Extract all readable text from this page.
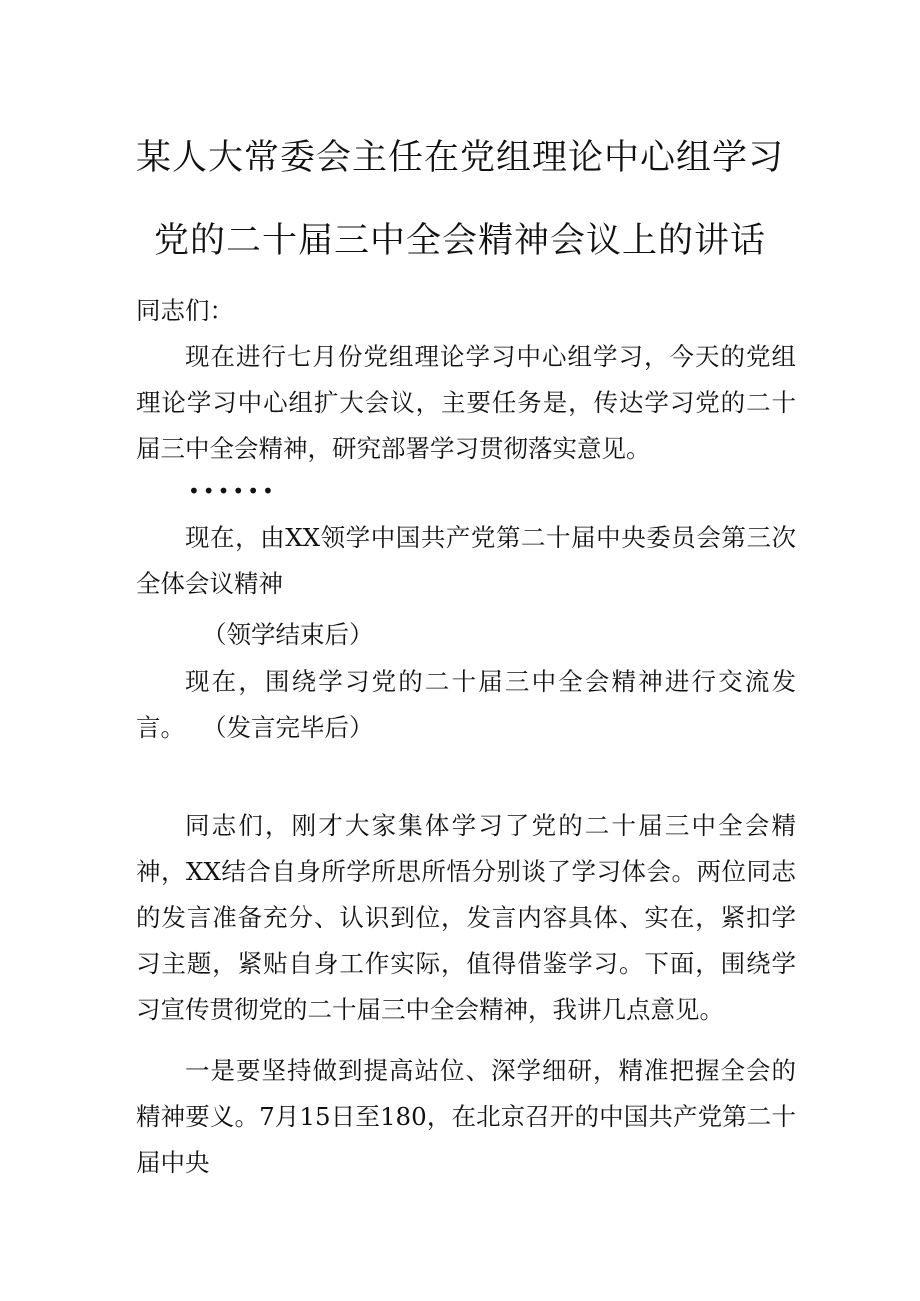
某人大常委会主任在党组理论中心组学习
党的二十届三中全会精神会议上的讲话

同志们：

现在进行七月份党组理论学习中心组学习，今天的党组理论学习中心组扩大会议，主要任务是，传达学习党的二十届三中全会精神，研究部署学习贯彻落实意见。

••••••

现在，由XX领学中国共产党第二十届中央委员会第三次全体会议精神

（领学结束后）

现在，围绕学习党的二十届三中全会精神进行交流发言。 （发言完毕后）

同志们，刚才大家集体学习了党的二十届三中全会精神，XX结合自身所学所思所悟分别谈了学习体会。两位同志的发言准备充分、认识到位，发言内容具体、实在，紧扣学习主题，紧贴自身工作实际，值得借鉴学习。下面，围绕学习宣传贯彻党的二十届三中全会精神，我讲几点意见。

一是要坚持做到提高站位、深学细研，精准把握全会的精神要义。7月15日至180，在北京召开的中国共产党第二十届中央
